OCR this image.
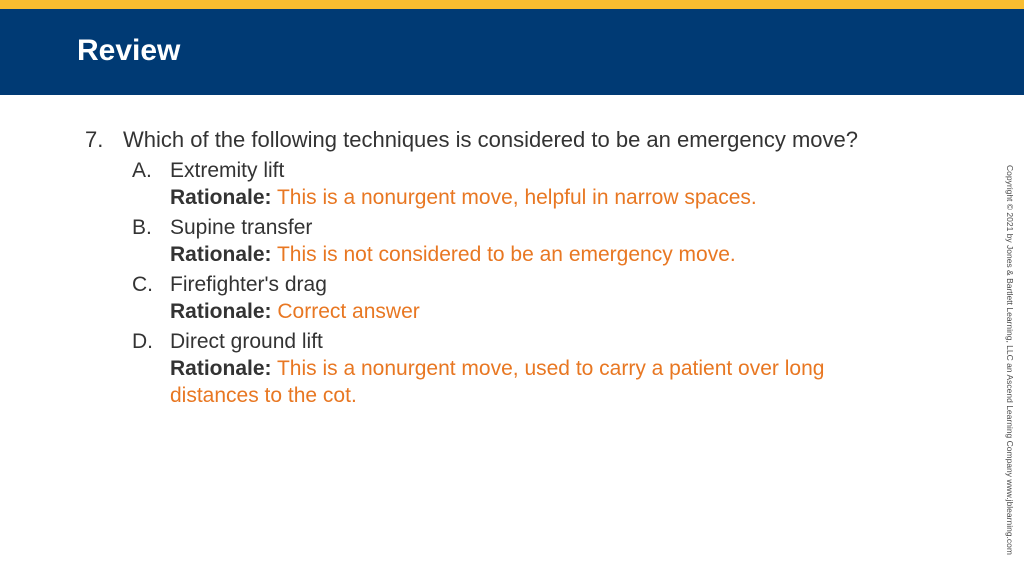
Review
7. Which of the following techniques is considered to be an emergency move?
A. Extremity lift
Rationale: This is a nonurgent move, helpful in narrow spaces.
B. Supine transfer
Rationale: This is not considered to be an emergency move.
C. Firefighter's drag
Rationale: Correct answer
D. Direct ground lift
Rationale: This is a nonurgent move, used to carry a patient over long distances to the cot.	Copyright © 2021 by Jones & Bartlett Learning, LLC an Ascend Learning Company www.jblearning.com
